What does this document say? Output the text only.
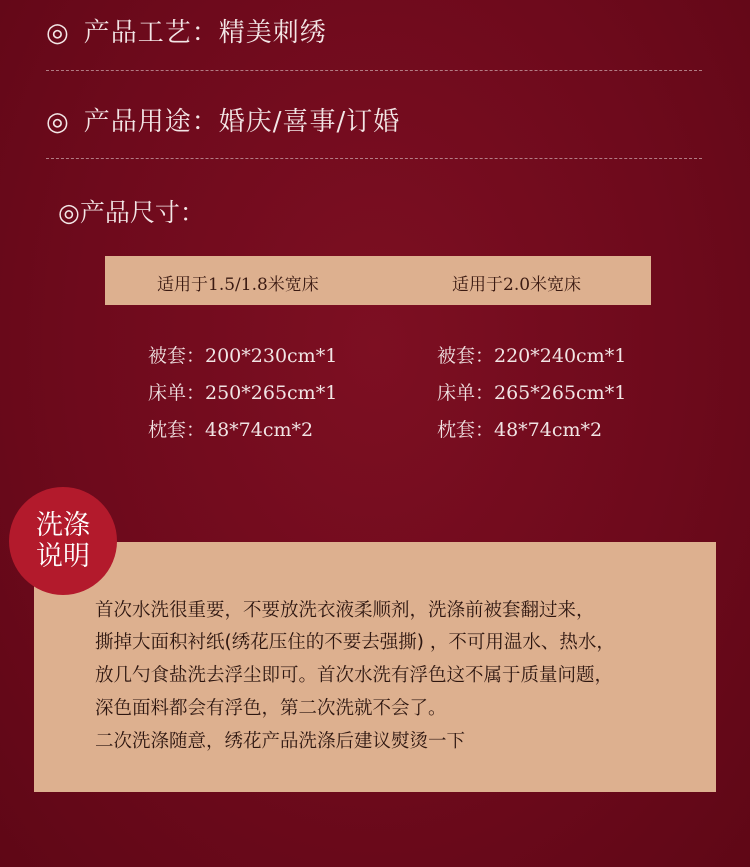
◎ 产品工艺：精美刺绣
◎ 产品用途：婚庆/喜事/订婚
◎产品尺寸：
适用于1.5/1.8米宽床	适用于2.0米宽床
被套：200*230cm*1
床单：250*265cm*1
枕套：48*74cm*2
被套：220*240cm*1
床单：265*265cm*1
枕套：48*74cm*2
首次水洗很重要，不要放洗衣液柔顺剂，洗涤前被套翻过来，
撕掉大面积衬纸(绣花压住的不要去强撕) ，不可用温水、热水，
放几勺食盐洗去浮尘即可。首次水洗有浮色这不属于质量问题，
深色面料都会有浮色，第二次洗就不会了。
二次洗涤随意，绣花产品洗涤后建议熨烫一下
洗涤
说明
